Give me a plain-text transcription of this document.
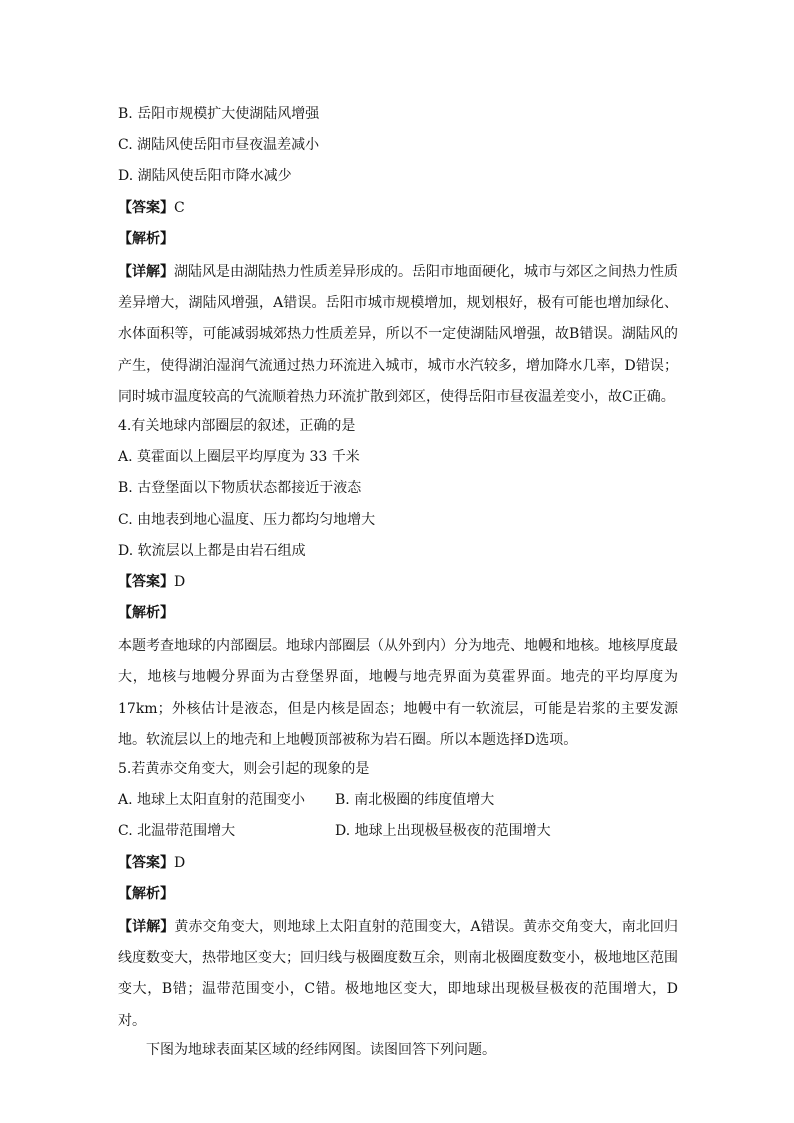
B. 岳阳市规模扩大使湖陆风增强
C. 湖陆风使岳阳市昼夜温差减小
D. 湖陆风使岳阳市降水减少
【答案】C
【解析】
【详解】湖陆风是由湖陆热力性质差异形成的。岳阳市地面硬化，城市与郊区之间热力性质差异增大，湖陆风增强，A错误。岳阳市城市规模增加，规划根好，极有可能也增加绿化、水体面积等，可能减弱城郊热力性质差异，所以不一定使湖陆风增强，故B错误。湖陆风的产生，使得湖泊湿润气流通过热力环流进入城市，城市水汽较多，增加降水几率，D错误；同时城市温度较高的气流顺着热力环流扩散到郊区，使得岳阳市昼夜温差变小，故C正确。
4.有关地球内部圈层的叙述，正确的是
A. 莫霍面以上圈层平均厚度为 33 千米
B. 古登堡面以下物质状态都接近于液态
C. 由地表到地心温度、压力都均匀地增大
D. 软流层以上都是由岩石组成
【答案】D
【解析】
本题考查地球的内部圈层。地球内部圈层（从外到内）分为地壳、地幔和地核。地核厚度最大，地核与地幔分界面为古登堡界面，地幔与地壳界面为莫霍界面。地壳的平均厚度为17km；外核估计是液态，但是内核是固态；地幔中有一软流层，可能是岩浆的主要发源地。软流层以上的地壳和上地幔顶部被称为岩石圈。所以本题选择D选项。
5.若黄赤交角变大，则会引起的现象的是
A. 地球上太阳直射的范围变小	B. 南北极圈的纬度值增大
C. 北温带范围增大	D. 地球上出现极昼极夜的范围增大
【答案】D
【解析】
【详解】黄赤交角变大，则地球上太阳直射的范围变大，A错误。黄赤交角变大，南北回归线度数变大，热带地区变大；回归线与极圈度数互余，则南北极圈度数变小，极地地区范围变大，B错；温带范围变小，C错。极地地区变大，即地球出现极昼极夜的范围增大，D对。
下图为地球表面某区域的经纬网图。读图回答下列问题。
